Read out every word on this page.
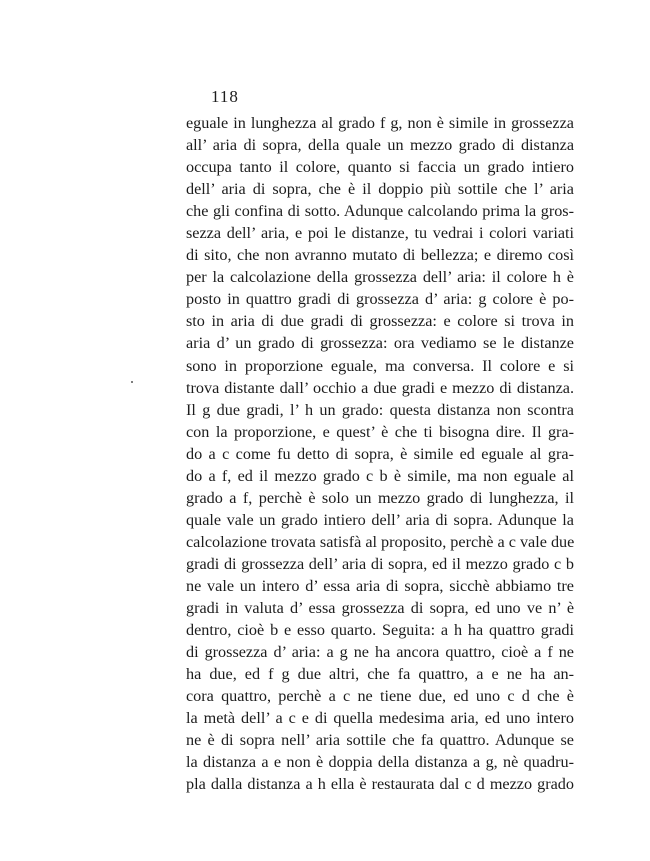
118
eguale in lunghezza al grado f g, non è simile in grossezza
all’ aria di sopra, della quale un mezzo grado di distanza
occupa tanto il colore, quanto si faccia un grado intiero
dell’ aria di sopra, che è il doppio più sottile che l’ aria
che gli confina di sotto. Adunque calcolando prima la gros-
sezza dell’ aria, e poi le distanze, tu vedrai i colori variati
di sito, che non avranno mutato di bellezza; e diremo così
per la calcolazione della grossezza dell’ aria: il colore h è
posto in quattro gradi di grossezza d’ aria: g colore è po-
sto in aria di due gradi di grossezza: e colore si trova in
aria d’ un grado di grossezza: ora vediamo se le distanze
sono in proporzione eguale, ma conversa. Il colore e si
trova distante dall’ occhio a due gradi e mezzo di distanza.
Il g due gradi, l’ h un grado: questa distanza non scontra
con la proporzione, e quest’ è che ti bisogna dire. Il gra-
do a c come fu detto di sopra, è simile ed eguale al gra-
do a f, ed il mezzo grado c b è simile, ma non eguale al
grado a f, perchè è solo un mezzo grado di lunghezza, il
quale vale un grado intiero dell’ aria di sopra. Adunque la
calcolazione trovata satisfà al proposito, perchè a c vale due
gradi di grossezza dell’ aria di sopra, ed il mezzo grado c b
ne vale un intero d’ essa aria di sopra, sicchè abbiamo tre
gradi in valuta d’ essa grossezza di sopra, ed uno ve n’ è
dentro, cioè b e esso quarto. Seguita: a h ha quattro gradi
di grossezza d’ aria: a g ne ha ancora quattro, cioè a f ne
ha due, ed f g due altri, che fa quattro, a e ne ha an-
cora quattro, perchè a c ne tiene due, ed uno c d che è
la metà dell’ a c e di quella medesima aria, ed uno intero
ne è di sopra nell’ aria sottile che fa quattro. Adunque se
la distanza a e non è doppia della distanza a g, nè quadru-
pla dalla distanza a h ella è restaurata dal c d mezzo grado
